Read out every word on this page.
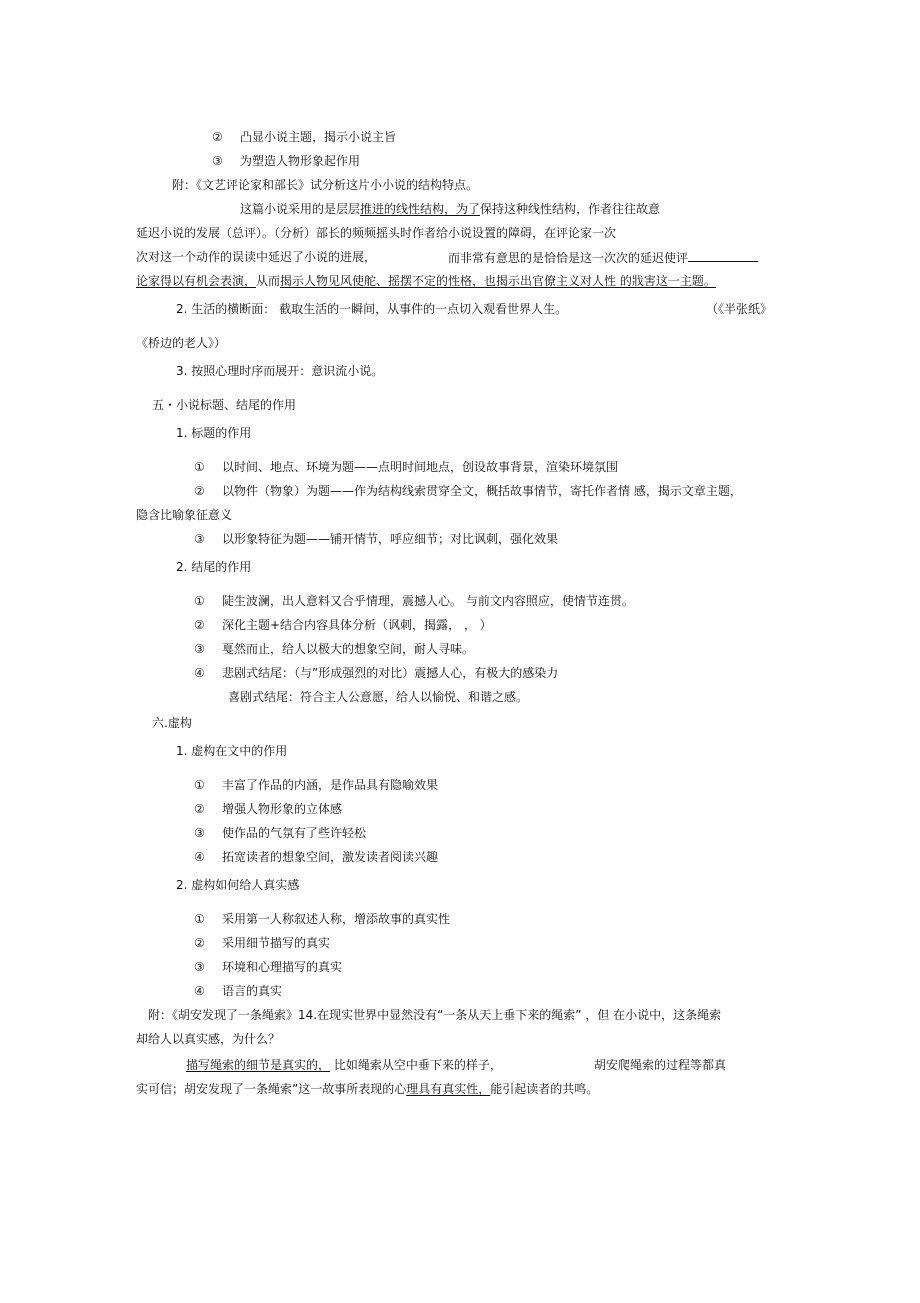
② 凸显小说主题，揭示小说主旨
③ 为塑造人物形象起作用
附：《文艺评论家和部长》试分析这片小小说的结构特点。
这篇小说采用的是层层推进的线性结构，为了保持这种线性结构，作者往往故意
延迟小说的发展（总评）。（分析）部长的频频摇头时作者给小说设置的障碍，在评论家一次
次对这一个动作的误读中延迟了小说的进展，	而非常有意思的是恰恰是这一次次的延迟使评
论家得以有机会表演，从而揭示人物见风使舵、摇摆不定的性格，也揭示出官僚主义对人性 的戕害这一主题。
2. 生活的横断面： 截取生活的一瞬间，从事件的一点切入观看世界人生。	（《半张纸》
《桥边的老人》）
3. 按照心理时序而展开：意识流小说。
五・小说标题、结尾的作用
1. 标题的作用
① 以时间、地点、环境为题——点明时间地点，创设故事背景，渲染环境氛围
② 以物件（物象）为题——作为结构线索贯穿全文，概括故事情节，寄托作者情 感，揭示文章主题，
隐含比喻象征意义
③ 以形象特征为题——铺开情节，呼应细节；对比讽刺，强化效果
2. 结尾的作用
① 陡生波澜，出人意料又合乎情理，震撼人心。 与前文内容照应，使情节连贯。
② 深化主题+结合内容具体分析（讽刺，揭露， ， ）
③ 戛然而止，给人以极大的想象空间，耐人寻味。
④ 悲剧式结尾：（与”形成强烈的对比）震撼人心，有极大的感染力
喜剧式结尾：符合主人公意愿，给人以愉悦、和谐之感。
六.虚构
1. 虚构在文中的作用
① 丰富了作品的内涵，是作品具有隐喻效果
② 增强人物形象的立体感
③ 使作品的气氛有了些许轻松
④ 拓宽读者的想象空间，激发读者阅读兴趣
2. 虚构如何给人真实感
① 采用第一人称叙述人称，增添故事的真实性
② 采用细节描写的真实
③ 环境和心理描写的真实
④ 语言的真实
附：《胡安发现了一条绳索》14.在现实世界中显然没有“一条从天上垂下来的绳索” ，但 在小说中，这条绳索
却给人以真实感，为什么？
描写绳索的细节是真实的， 比如绳索从空中垂下来的样子，	胡安爬绳索的过程等都真
实可信；胡安发现了一条绳索”这一故事所表现的心理具有真实性，能引起读者的共鸣。
